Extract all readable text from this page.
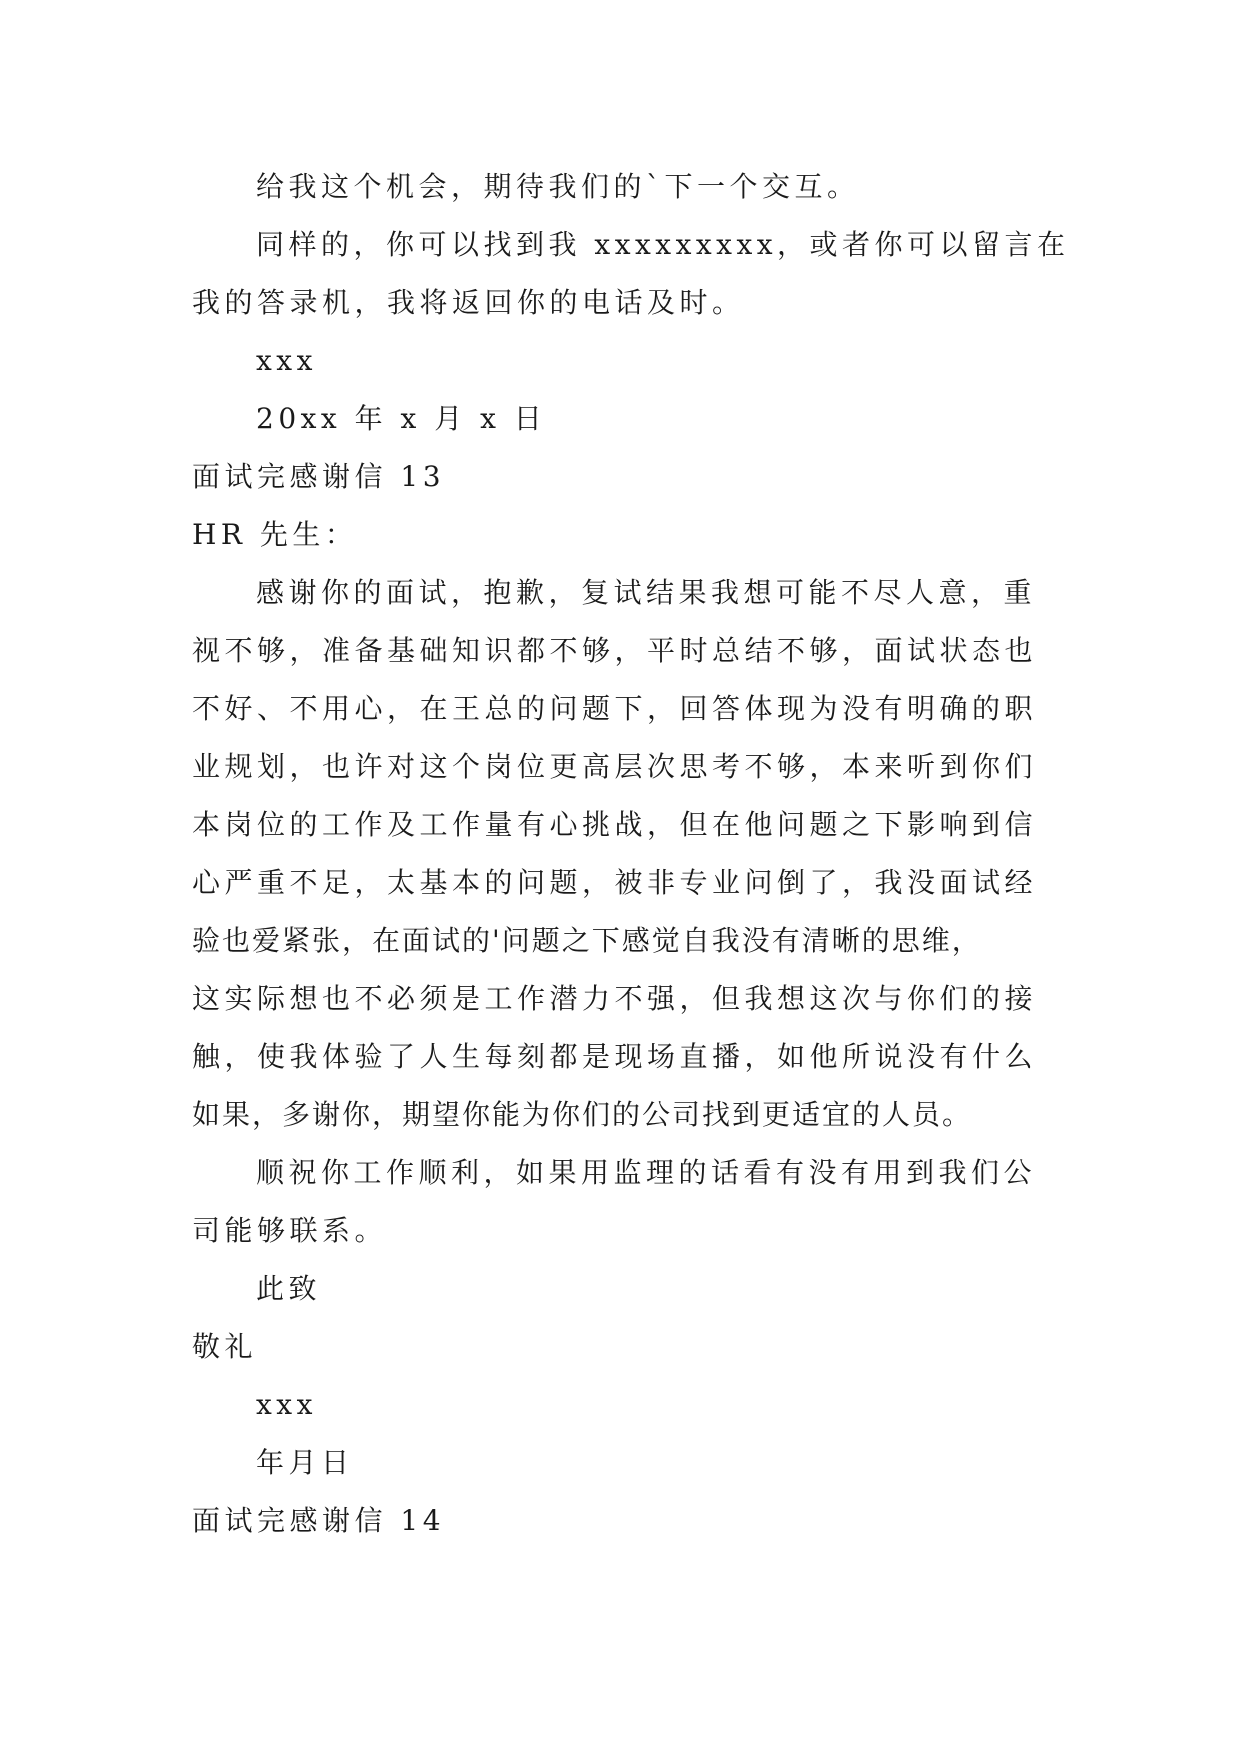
给我这个机会，期待我们的`下一个交互。
同样的，你可以找到我 xxxxxxxxx，或者你可以留言在
我的答录机，我将返回你的电话及时。
xxx
20xx 年 x 月 x 日
面试完感谢信 13
HR 先生：
感谢你的面试，抱歉，复试结果我想可能不尽人意，重
视不够，准备基础知识都不够，平时总结不够，面试状态也
不好、不用心，在王总的问题下，回答体现为没有明确的职
业规划，也许对这个岗位更高层次思考不够，本来听到你们
本岗位的工作及工作量有心挑战，但在他问题之下影响到信
心严重不足，太基本的问题，被非专业问倒了，我没面试经
验也爱紧张，在面试的'问题之下感觉自我没有清晰的思维，
这实际想也不必须是工作潜力不强，但我想这次与你们的接
触，使我体验了人生每刻都是现场直播，如他所说没有什么
如果，多谢你，期望你能为你们的公司找到更适宜的人员。
顺祝你工作顺利，如果用监理的话看有没有用到我们公
司能够联系。
此致
敬礼
xxx
年月日
面试完感谢信 14
